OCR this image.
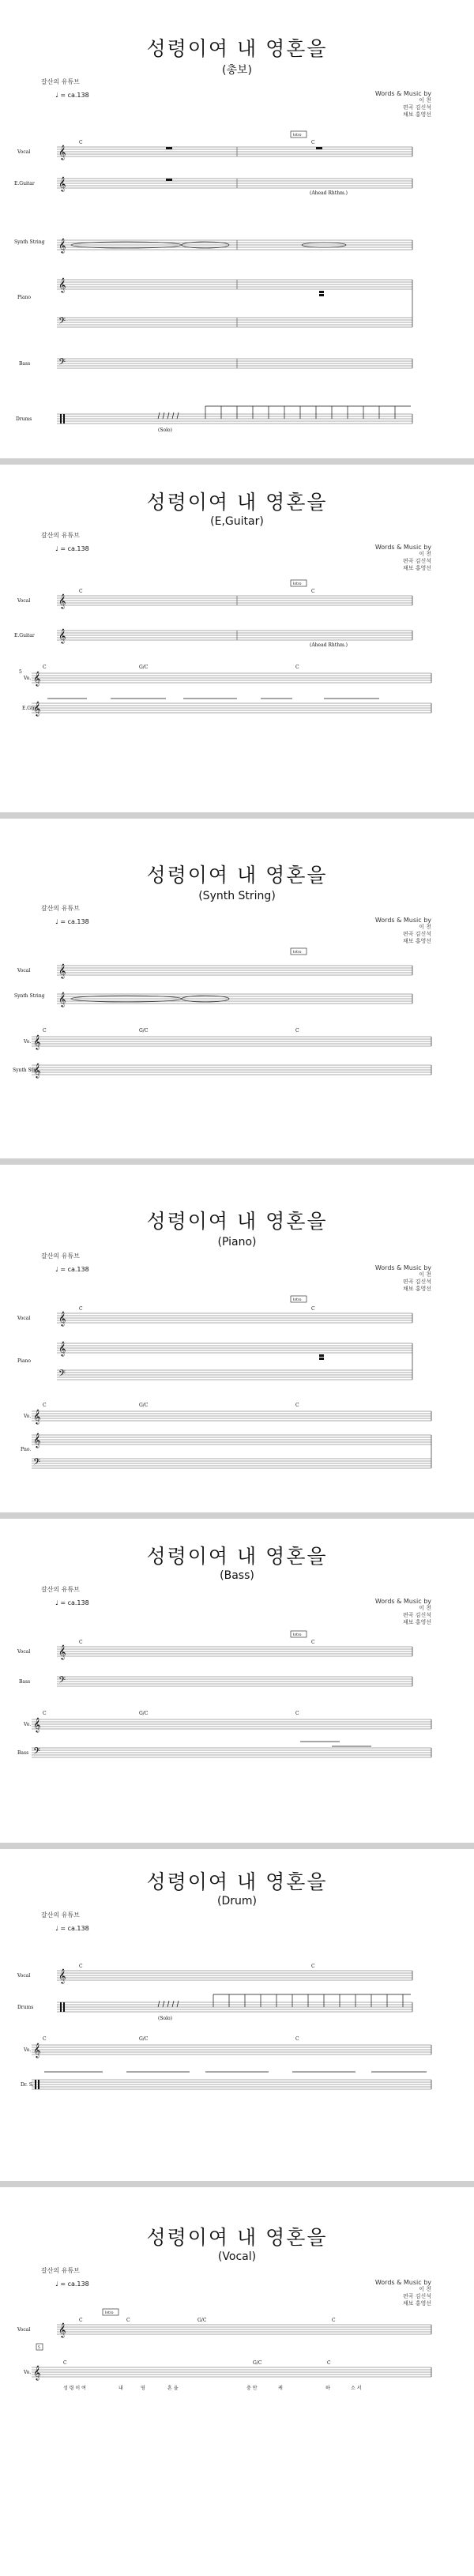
성령이여 내 영혼을
(총보)
갈산의 유튜브
♩ = ca.138	Words & Music by
이 천
편곡 김신석
채보 홍영선
𝄞
Intro
C	C
Vocal
𝄞
(Ahead Rhthm.)
E.Guitar
𝄞
Synth String
𝄞
𝄢
Piano
𝄢
Bass
Drums
(Solo)
성령이여 내 영혼을
(E,Guitar)
갈산의 유튜브
♩ = ca.138	Words & Music by
이 천
편곡 김신석
채보 홍영선
Intro
C	C
𝄞
Vocal
𝄞
(Ahead Rhthm.)
E.Guitar
5
C	G/C	C
𝄞
Vo.
𝄞
E.Gtr.
성령이여 내 영혼을
(Synth String)
갈산의 유튜브
♩ = ca.138	Words & Music by
이 천
편곡 김신석
채보 홍영선
Intro
𝄞
Vocal
𝄞
Synth String
C	G/C	C
𝄞
Vo.
𝄞
Synth Str.
성령이여 내 영혼을
(Piano)
갈산의 유튜브
♩ = ca.138	Words & Music by
이 천
편곡 김신석
채보 홍영선
Intro
C	C
𝄞
Vocal
𝄞
𝄢
Piano
C	G/C	C
𝄞
Vo.
𝄞
𝄢
Pno.
성령이여 내 영혼을
(Bass)
갈산의 유튜브
♩ = ca.138	Words & Music by
이 천
편곡 김신석
채보 홍영선
Intro
C	C
𝄞
Vocal
𝄢
Bass
C	G/C	C
𝄞
Vo.
𝄢
Bass
성령이여 내 영혼을
(Drum)
갈산의 유튜브
♩ = ca.138
C	C
𝄞
Vocal
Drums
(Solo)
C	G/C	C
𝄞
Vo.
Dr. S.
성령이여 내 영혼을
(Vocal)
갈산의 유튜브
♩ = ca.138	Words & Music by
이 천
편곡 김신석
채보 홍영선
Intro
C	C	G/C	C
𝄞
Vocal
5
C	G/C	C
𝄞
Vo.
성 령 이 여	내	영	혼 을	충 만	케	하	소 서
